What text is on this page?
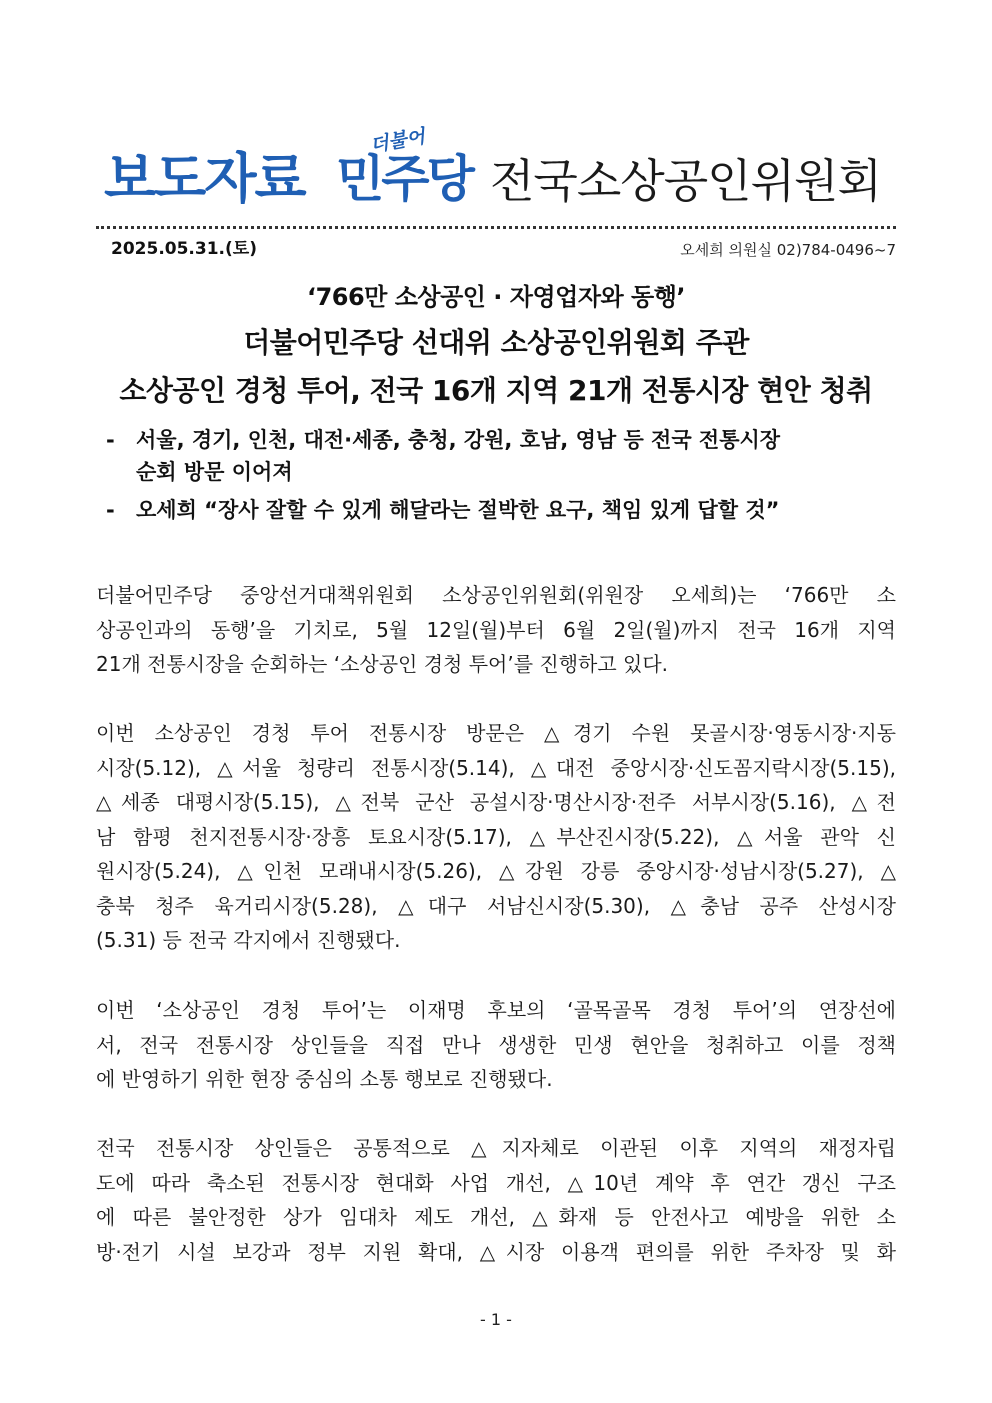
보도자료
더불어
민주당 전국소상공인위원회
2025.05.31.(토)	오세희 의원실 02)784-0496~7
‘766만 소상공인 · 자영업자와 동행’
더불어민주당 선대위 소상공인위원회 주관
소상공인 경청 투어, 전국 16개 지역 21개 전통시장 현안 청취
- 서울, 경기, 인천, 대전·세종, 충청, 강원, 호남, 영남 등 전국 전통시장
순회 방문 이어져
- 오세희 “장사 잘할 수 있게 해달라는 절박한 요구, 책임 있게 답할 것”
더불어민주당 중앙선거대책위원회 소상공인위원회(위원장 오세희)는 ‘766만 소
상공인과의 동행’을 기치로, 5월 12일(월)부터 6월 2일(월)까지 전국 16개 지역
21개 전통시장을 순회하는 ‘소상공인 경청 투어’를 진행하고 있다.
이번 소상공인 경청 투어 전통시장 방문은 △경기 수원 못골시장·영동시장·지동
시장(5.12), △서울 청량리 전통시장(5.14), △대전 중앙시장·신도꼼지락시장(5.15),
△세종 대평시장(5.15), △전북 군산 공설시장·명산시장·전주 서부시장(5.16), △전
남 함평 천지전통시장·장흥 토요시장(5.17), △부산진시장(5.22), △서울 관악 신
원시장(5.24), △인천 모래내시장(5.26), △강원 강릉 중앙시장·성남시장(5.27), △
충북 청주 육거리시장(5.28), △대구 서남신시장(5.30), △충남 공주 산성시장
(5.31) 등 전국 각지에서 진행됐다.
이번 ‘소상공인 경청 투어’는 이재명 후보의 ‘골목골목 경청 투어’의 연장선에
서, 전국 전통시장 상인들을 직접 만나 생생한 민생 현안을 청취하고 이를 정책
에 반영하기 위한 현장 중심의 소통 행보로 진행됐다.
전국 전통시장 상인들은 공통적으로 △지자체로 이관된 이후 지역의 재정자립
도에 따라 축소된 전통시장 현대화 사업 개선, △10년 계약 후 연간 갱신 구조
에 따른 불안정한 상가 임대차 제도 개선, △화재 등 안전사고 예방을 위한 소
방·전기 시설 보강과 정부 지원 확대, △시장 이용객 편의를 위한 주차장 및 화
- 1 -
